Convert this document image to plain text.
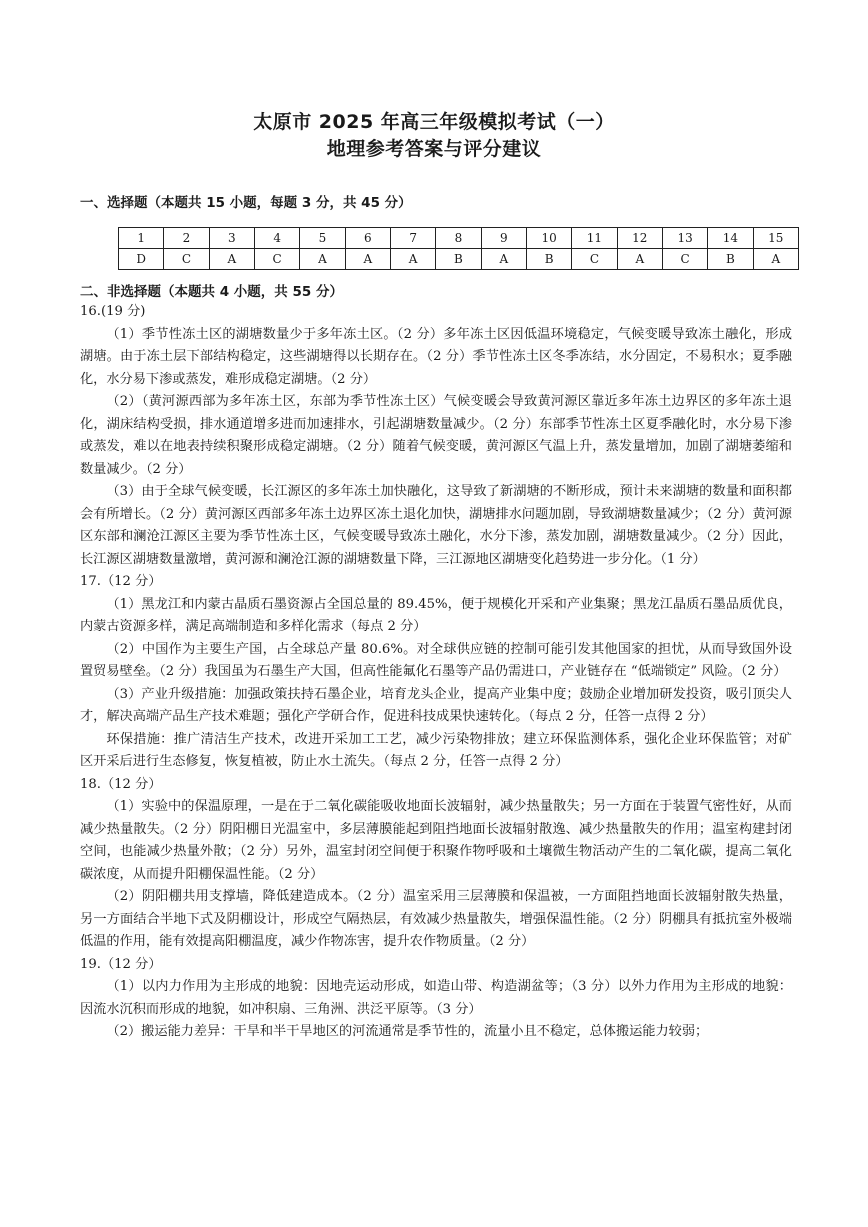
太原市 2025 年高三年级模拟考试（一）
地理参考答案与评分建议
一、选择题（本题共 15 小题，每题 3 分，共 45 分）
1	2	3	4	5	6	7	8	9	10	11	12	13	14	15
D	C	A	C	A	A	A	B	A	B	C	A	C	B	A
二、非选择题（本题共 4 小题，共 55 分）

16.(19 分)

（1）季节性冻土区的湖塘数量少于多年冻土区。（2 分）多年冻土区因低温环境稳定，气候变暖导致冻土融化，形成湖塘。由于冻土层下部结构稳定，这些湖塘得以长期存在。（2 分）季节性冻土区冬季冻结，水分固定，不易积水；夏季融化，水分易下渗或蒸发，难形成稳定湖塘。（2 分）

（2）（黄河源西部为多年冻土区，东部为季节性冻土区）气候变暖会导致黄河源区靠近多年冻土边界区的多年冻土退化，湖床结构受损，排水通道增多进而加速排水，引起湖塘数量减少。（2 分）东部季节性冻土区夏季融化时，水分易下渗或蒸发，难以在地表持续积聚形成稳定湖塘。（2 分）随着气候变暖，黄河源区气温上升，蒸发量增加，加剧了湖塘萎缩和数量减少。（2 分）

（3）由于全球气候变暖，长江源区的多年冻土加快融化，这导致了新湖塘的不断形成，预计未来湖塘的数量和面积都会有所增长。（2 分）黄河源区西部多年冻土边界区冻土退化加快，湖塘排水问题加剧，导致湖塘数量减少；（2 分）黄河源区东部和澜沧江源区主要为季节性冻土区，气候变暖导致冻土融化，水分下渗，蒸发加剧，湖塘数量减少。（2 分）因此，长江源区湖塘数量激增，黄河源和澜沧江源的湖塘数量下降，三江源地区湖塘变化趋势进一步分化。（1 分）

17.（12 分）

（1）黑龙江和内蒙古晶质石墨资源占全国总量的 89.45%，便于规模化开采和产业集聚；黑龙江晶质石墨品质优良，内蒙古资源多样，满足高端制造和多样化需求（每点 2 分）

（2）中国作为主要生产国，占全球总产量 80.6%。对全球供应链的控制可能引发其他国家的担忧，从而导致国外设置贸易壁垒。（2 分）我国虽为石墨生产大国，但高性能氟化石墨等产品仍需进口，产业链存在 “低端锁定” 风险。（2 分）

（3）产业升级措施：加强政策扶持石墨企业，培育龙头企业，提高产业集中度；鼓励企业增加研发投资，吸引顶尖人才，解决高端产品生产技术难题；强化产学研合作，促进科技成果快速转化。（每点 2 分，任答一点得 2 分）

环保措施：推广清洁生产技术，改进开采加工工艺，减少污染物排放；建立环保监测体系，强化企业环保监管；对矿区开采后进行生态修复，恢复植被，防止水土流失。（每点 2 分，任答一点得 2 分）

18.（12 分）

（1）实验中的保温原理，一是在于二氧化碳能吸收地面长波辐射，减少热量散失；另一方面在于装置气密性好，从而减少热量散失。（2 分）阴阳棚日光温室中，多层薄膜能起到阻挡地面长波辐射散逸、减少热量散失的作用；温室构建封闭空间，也能减少热量外散；（2 分）另外，温室封闭空间便于积聚作物呼吸和土壤微生物活动产生的二氧化碳，提高二氧化碳浓度，从而提升阳棚保温性能。（2 分）

（2）阴阳棚共用支撑墙，降低建造成本。（2 分）温室采用三层薄膜和保温被，一方面阻挡地面长波辐射散失热量，另一方面结合半地下式及阴棚设计，形成空气隔热层，有效减少热量散失，增强保温性能。（2 分）阴棚具有抵抗室外极端低温的作用，能有效提高阳棚温度，减少作物冻害，提升农作物质量。（2 分）

19.（12 分）

（1）以内力作用为主形成的地貌：因地壳运动形成，如造山带、构造湖盆等；（3 分）以外力作用为主形成的地貌：因流水沉积而形成的地貌，如冲积扇、三角洲、洪泛平原等。（3 分）

（2）搬运能力差异：干旱和半干旱地区的河流通常是季节性的，流量小且不稳定，总体搬运能力较弱；
